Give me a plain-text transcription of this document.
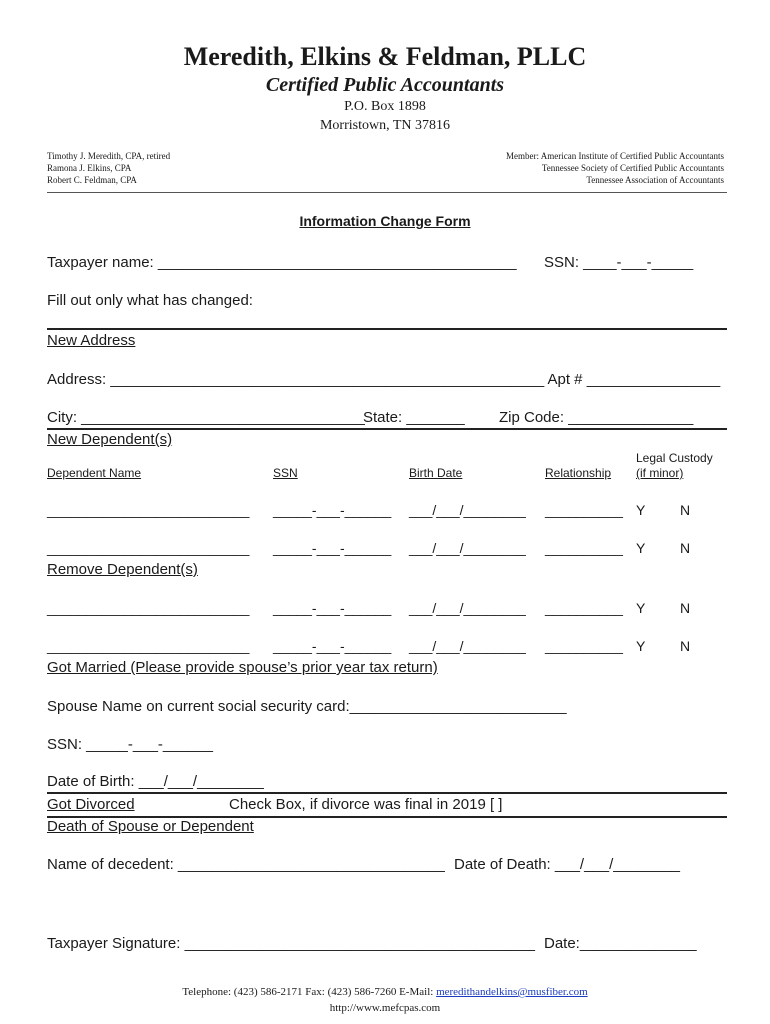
Meredith, Elkins & Feldman, PLLC
Certified Public Accountants
P.O. Box 1898
Morristown, TN 37816
Timothy J. Meredith, CPA, retired
Ramona J. Elkins, CPA
Robert C. Feldman, CPA
Member: American Institute of Certified Public Accountants
Tennessee Society of Certified Public Accountants
Tennessee Association of Accountants
Information Change Form
Taxpayer name: ___________________________________________ SSN: ____-___-_____
Fill out only what has changed:
New Address
Address: ____________________________________________________ Apt # ________________
City: __________________________________
State: _______ Zip Code: _______________
New Dependent(s)
Dependent Name	SSN	Birth Date	Relationship
Legal Custody
(if minor)
__________________________ _____-___-______ ___/___/________ __________ Y N
__________________________ _____-___-______ ___/___/________ __________ Y N
Remove Dependent(s)
__________________________ _____-___-______ ___/___/________ __________ Y N
__________________________ _____-___-______ ___/___/________ __________ Y N
Got Married (Please provide spouse’s prior year tax return)
Spouse Name on current social security card:__________________________
SSN: _____-___-______
Date of Birth: ___/___/________
Got Divorced	Check Box, if divorce was final in 2019 [ ]
Death of Spouse or Dependent
Name of decedent: ________________________________ Date of Death: ___/___/________
Taxpayer Signature: __________________________________________ Date:______________
Telephone: (423) 586-2171 Fax: (423) 586-7260 E-Mail: meredithandelkins@musfiber.com
http://www.mefcpas.com
